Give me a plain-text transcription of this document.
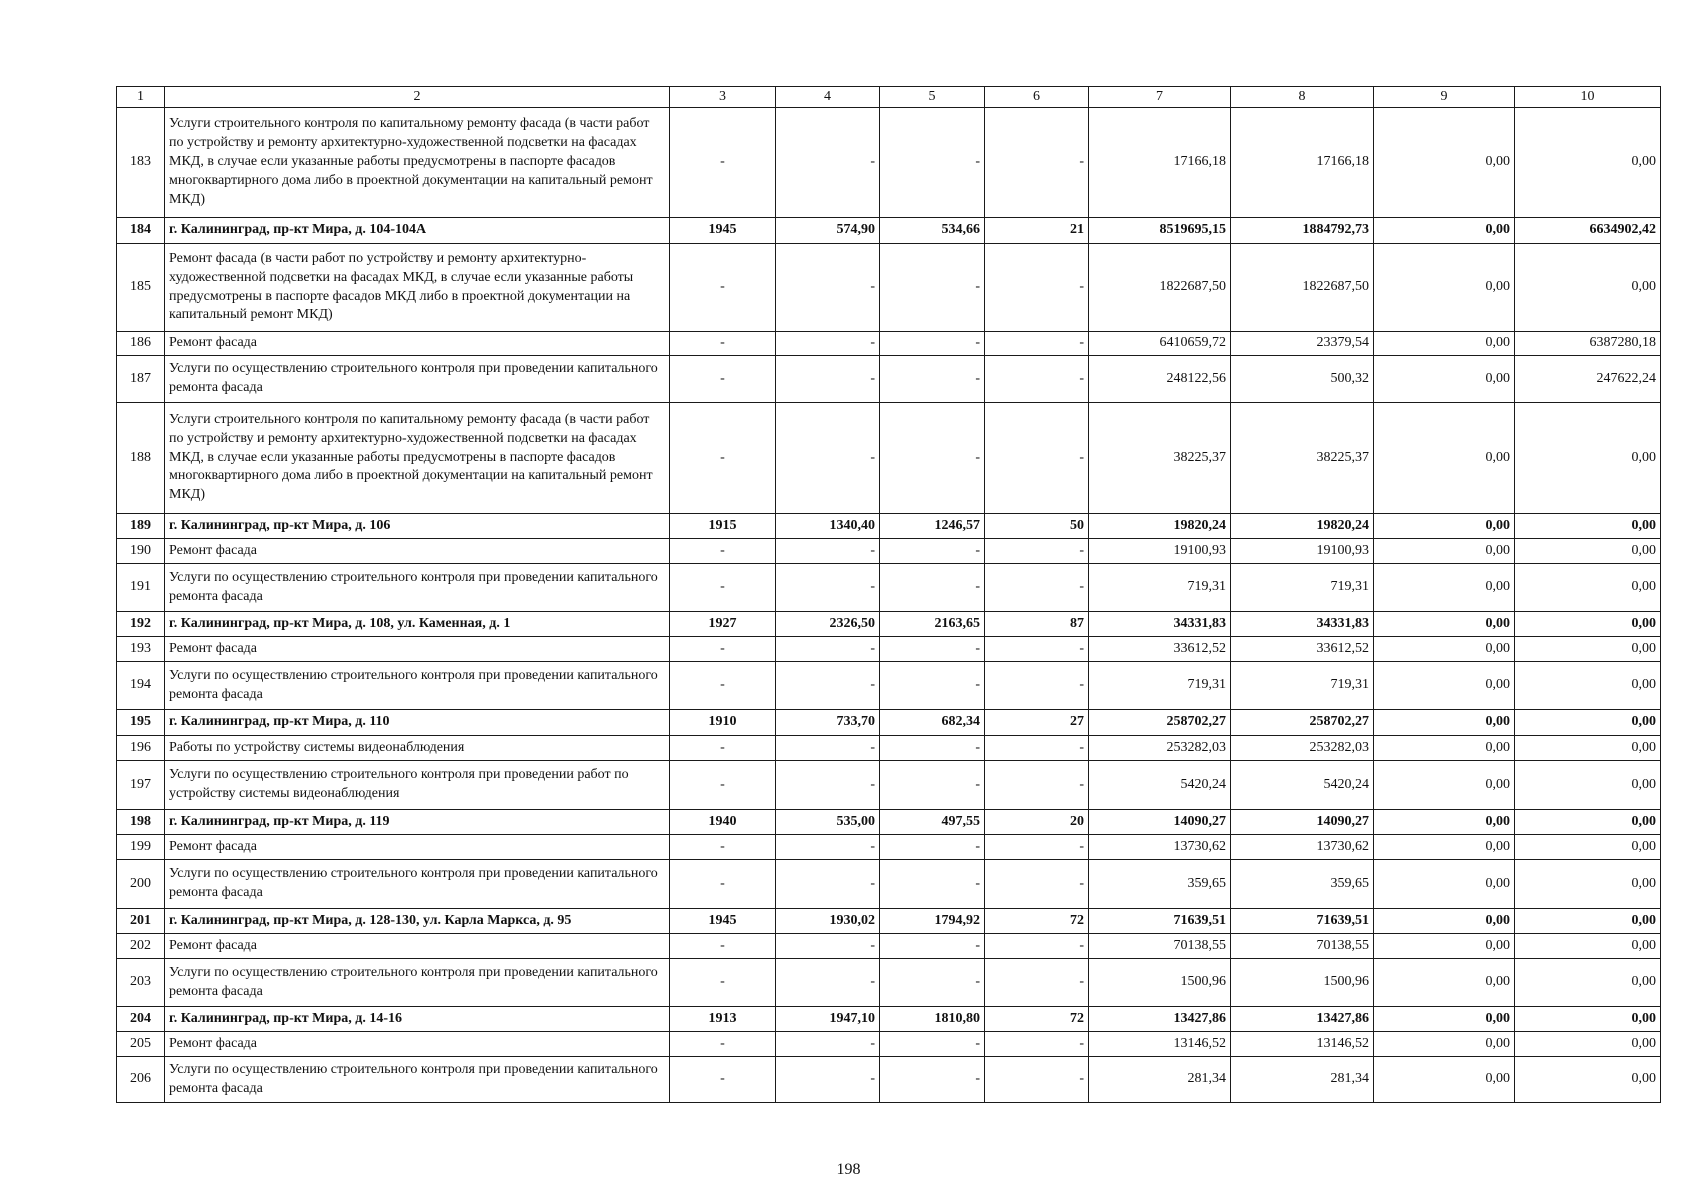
1	2	3	4	5	6	7	8	9	10
183	Услуги строительного контроля по капитальному ремонту фасада (в части работ по устройству и ремонту архитектурно-художественной подсветки на фасадах МКД, в случае если указанные работы предусмотрены в паспорте фасадов многоквартирного дома либо в проектной документации на капитальный ремонт МКД)	-	-	-	-	17166,18	17166,18	0,00	0,00
184	г. Калининград, пр-кт Мира, д. 104-104А	1945	574,90	534,66	21	8519695,15	1884792,73	0,00	6634902,42
185	Ремонт фасада (в части работ по устройству и ремонту архитектурно-художественной подсветки на фасадах МКД, в случае если указанные работы предусмотрены в паспорте фасадов МКД либо в проектной документации на капитальный ремонт МКД)	-	-	-	-	1822687,50	1822687,50	0,00	0,00
186	Ремонт фасада	-	-	-	-	6410659,72	23379,54	0,00	6387280,18
187	Услуги по осуществлению строительного контроля при проведении капитального ремонта фасада	-	-	-	-	248122,56	500,32	0,00	247622,24
188	Услуги строительного контроля по капитальному ремонту фасада (в части работ по устройству и ремонту архитектурно-художественной подсветки на фасадах МКД, в случае если указанные работы предусмотрены в паспорте фасадов многоквартирного дома либо в проектной документации на капитальный ремонт МКД)	-	-	-	-	38225,37	38225,37	0,00	0,00
189	г. Калининград, пр-кт Мира, д. 106	1915	1340,40	1246,57	50	19820,24	19820,24	0,00	0,00
190	Ремонт фасада	-	-	-	-	19100,93	19100,93	0,00	0,00
191	Услуги по осуществлению строительного контроля при проведении капитального ремонта фасада	-	-	-	-	719,31	719,31	0,00	0,00
192	г. Калининград, пр-кт Мира, д. 108, ул. Каменная, д. 1	1927	2326,50	2163,65	87	34331,83	34331,83	0,00	0,00
193	Ремонт фасада	-	-	-	-	33612,52	33612,52	0,00	0,00
194	Услуги по осуществлению строительного контроля при проведении капитального ремонта фасада	-	-	-	-	719,31	719,31	0,00	0,00
195	г. Калининград, пр-кт Мира, д. 110	1910	733,70	682,34	27	258702,27	258702,27	0,00	0,00
196	Работы по устройству системы видеонаблюдения	-	-	-	-	253282,03	253282,03	0,00	0,00
197	Услуги по осуществлению строительного контроля при проведении работ по устройству системы видеонаблюдения	-	-	-	-	5420,24	5420,24	0,00	0,00
198	г. Калининград, пр-кт Мира, д. 119	1940	535,00	497,55	20	14090,27	14090,27	0,00	0,00
199	Ремонт фасада	-	-	-	-	13730,62	13730,62	0,00	0,00
200	Услуги по осуществлению строительного контроля при проведении капитального ремонта фасада	-	-	-	-	359,65	359,65	0,00	0,00
201	г. Калининград, пр-кт Мира, д. 128-130, ул. Карла Маркса, д. 95	1945	1930,02	1794,92	72	71639,51	71639,51	0,00	0,00
202	Ремонт фасада	-	-	-	-	70138,55	70138,55	0,00	0,00
203	Услуги по осуществлению строительного контроля при проведении капитального ремонта фасада	-	-	-	-	1500,96	1500,96	0,00	0,00
204	г. Калининград, пр-кт Мира, д. 14-16	1913	1947,10	1810,80	72	13427,86	13427,86	0,00	0,00
205	Ремонт фасада	-	-	-	-	13146,52	13146,52	0,00	0,00
206	Услуги по осуществлению строительного контроля при проведении капитального ремонта фасада	-	-	-	-	281,34	281,34	0,00	0,00
198
